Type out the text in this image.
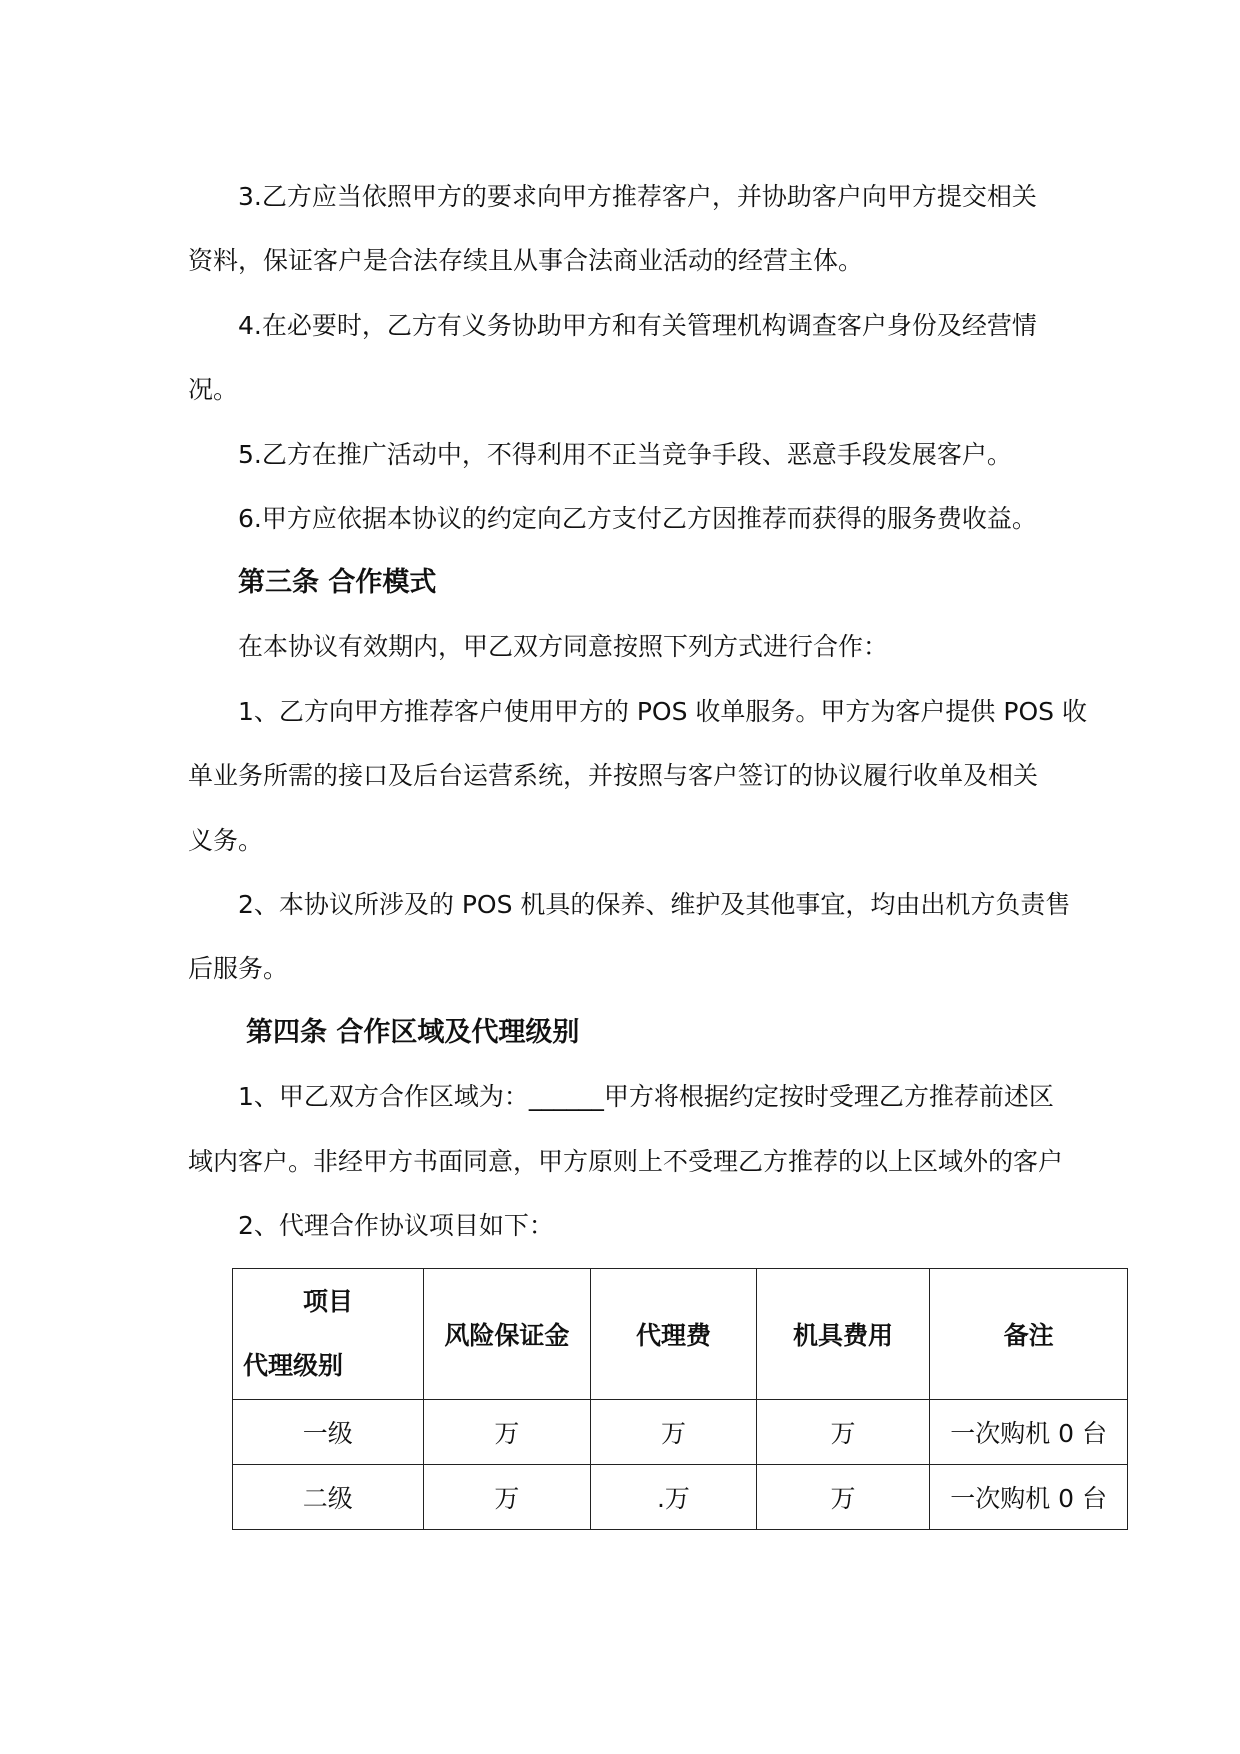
3.乙方应当依照甲方的要求向甲方推荐客户，并协助客户向甲方提交相关
资料，保证客户是合法存续且从事合法商业活动的经营主体。
4.在必要时，乙方有义务协助甲方和有关管理机构调查客户身份及经营情
况。
5.乙方在推广活动中，不得利用不正当竞争手段、恶意手段发展客户。
6.甲方应依据本协议的约定向乙方支付乙方因推荐而获得的服务费收益。
第三条 合作模式
在本协议有效期内，甲乙双方同意按照下列方式进行合作：
1、乙方向甲方推荐客户使用甲方的 POS 收单服务。甲方为客户提供 POS 收
单业务所需的接口及后台运营系统，并按照与客户签订的协议履行收单及相关
义务。
2、本协议所涉及的 POS 机具的保养、维护及其他事宜，均由出机方负责售
后服务。
第四条 合作区域及代理级别
1、甲乙双方合作区域为：______甲方将根据约定按时受理乙方推荐前述区
域内客户。非经甲方书面同意，甲方原则上不受理乙方推荐的以上区域外的客户
2、代理合作协议项目如下：
项目
代理级别	风险保证金	代理费	机具费用	备注
一级	万	万	万	一次购机 0 台
二级	万	.万	万	一次购机 0 台
